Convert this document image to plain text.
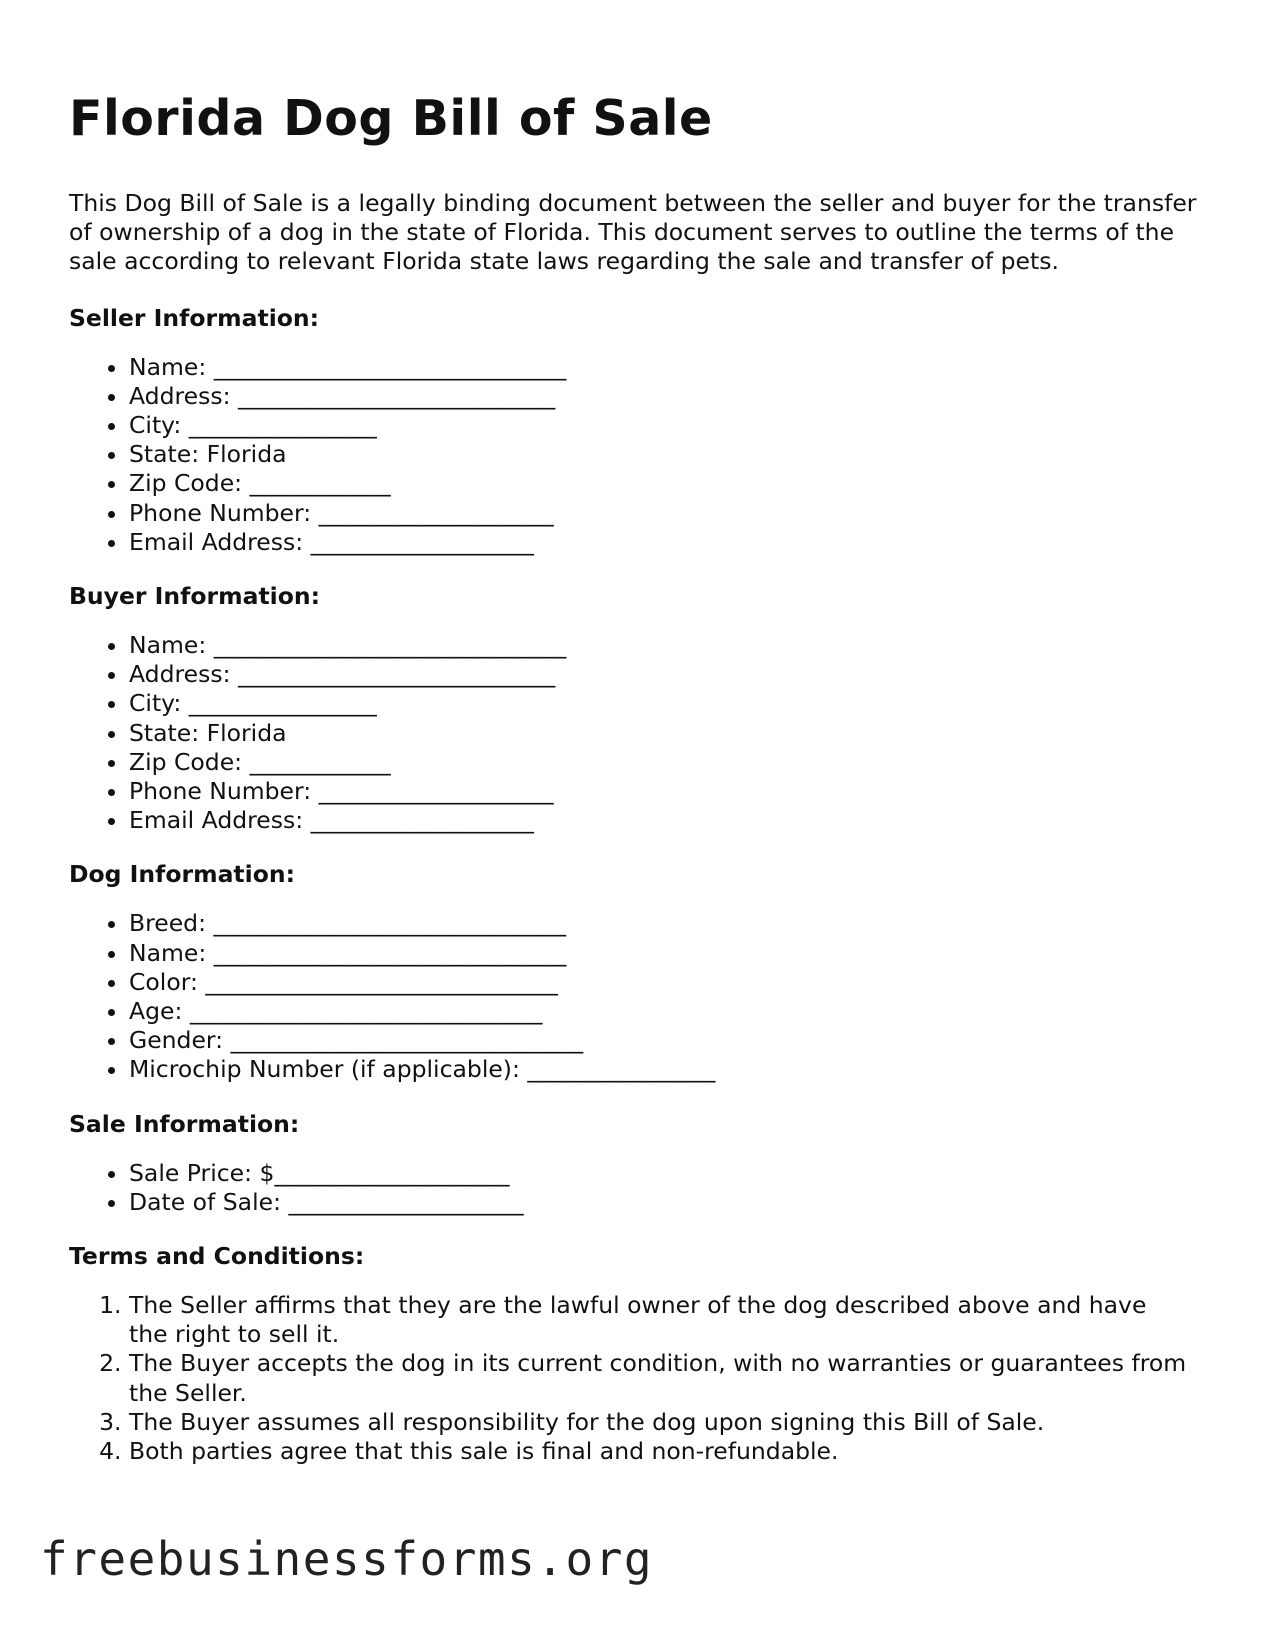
Florida Dog Bill of Sale

This Dog Bill of Sale is a legally binding document between the seller and buyer for the transfer of ownership of a dog in the state of Florida. This document serves to outline the terms of the sale according to relevant Florida state laws regarding the sale and transfer of pets.

Seller Information:
• Name: ______________________________
• Address: ___________________________
• City: ________________
• State: Florida
• Zip Code: ____________
• Phone Number: ____________________
• Email Address: ___________________
Buyer Information:
• Name: ______________________________
• Address: ___________________________
• City: ________________
• State: Florida
• Zip Code: ____________
• Phone Number: ____________________
• Email Address: ___________________
Dog Information:
• Breed: ______________________________
• Name: ______________________________
• Color: ______________________________
• Age: ______________________________
• Gender: ______________________________
• Microchip Number (if applicable): ________________
Sale Information:
• Sale Price: $____________________
• Date of Sale: ____________________
Terms and Conditions:
1. The Seller affirms that they are the lawful owner of the dog described above and have the right to sell it.
2. The Buyer accepts the dog in its current condition, with no warranties or guarantees from the Seller.
3. The Buyer assumes all responsibility for the dog upon signing this Bill of Sale.
4. Both parties agree that this sale is final and non-refundable.
freebusinessforms.org
